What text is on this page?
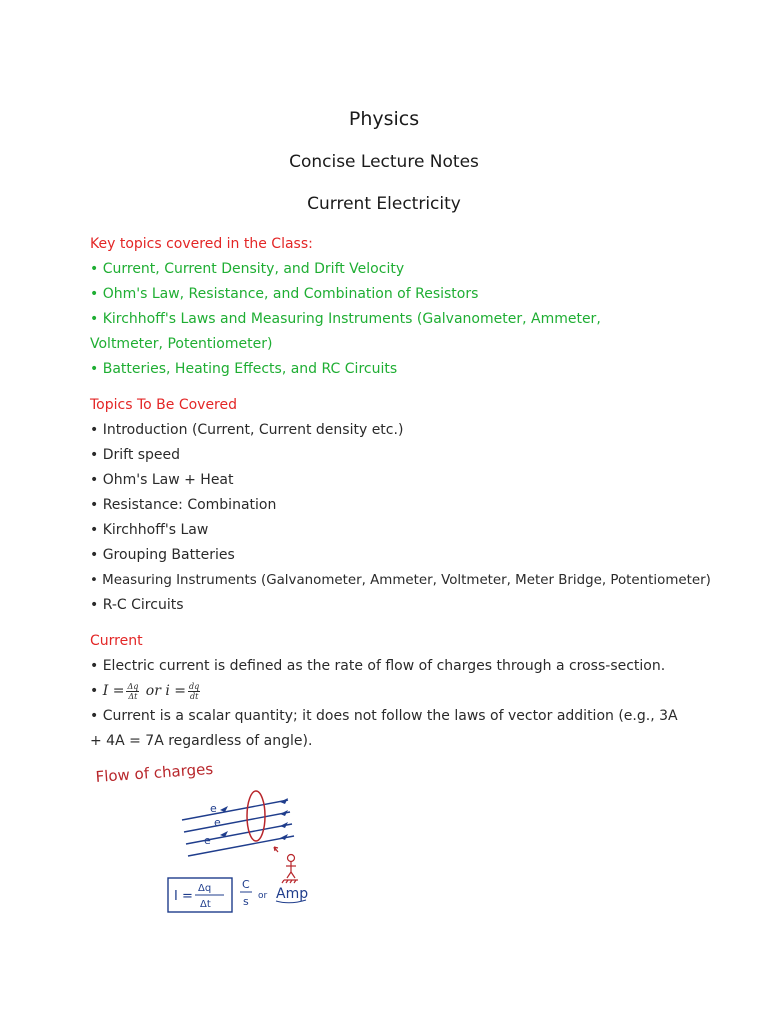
Physics
Concise Lecture Notes
Current Electricity
Key topics covered in the Class:
• Current, Current Density, and Drift Velocity
• Ohm's Law, Resistance, and Combination of Resistors
• Kirchhoff's Laws and Measuring Instruments (Galvanometer, Ammeter, Voltmeter, Potentiometer)
• Batteries, Heating Effects, and RC Circuits
Topics To Be Covered
• Introduction (Current, Current density etc.)
• Drift speed
• Ohm's Law + Heat
• Resistance: Combination
• Kirchhoff's Law
• Grouping Batteries
• Measuring Instruments (Galvanometer, Ammeter, Voltmeter, Meter Bridge, Potentiometer)
• R-C Circuits
Current
• Electric current is defined as the rate of flow of charges through a cross-section.
• $I = \frac{\Delta q}{\Delta t}$ or $i = \frac{dq}{dt}$
• Current is a scalar quantity; it does not follow the laws of vector addition (e.g., 3A + 4A = 7A regardless of angle).
Flow of charges
e
e
e
I =
Δq
Δt
C
s or Amp
